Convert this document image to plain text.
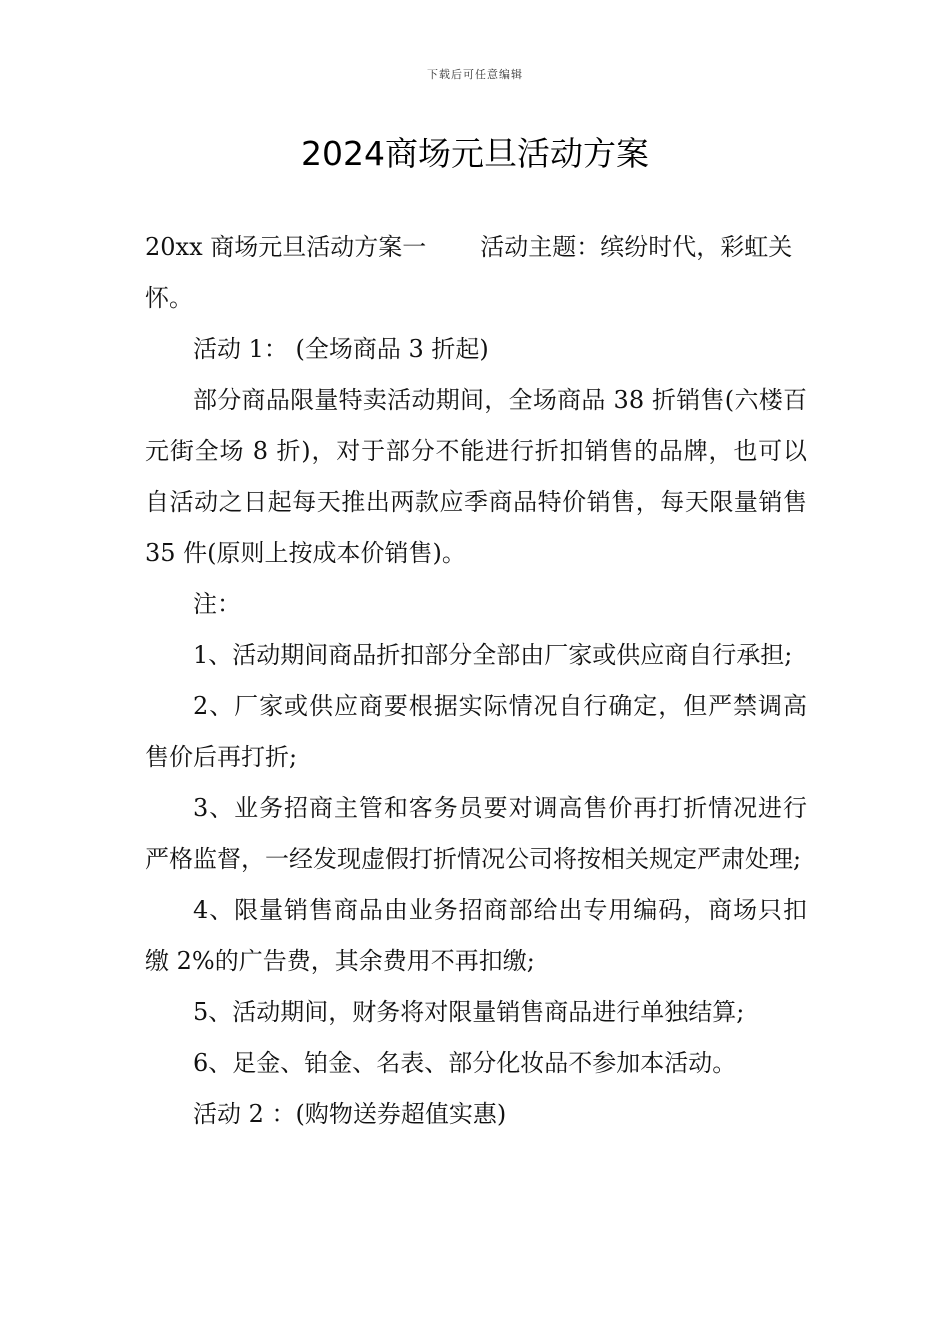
下载后可任意编辑
2024商场元旦活动方案

20xx 商场元旦活动方案一 活动主题：缤纷时代，彩虹关怀。

活动 1： (全场商品 3 折起)

部分商品限量特卖活动期间，全场商品 38 折销售(六楼百元街全场 8 折)，对于部分不能进行折扣销售的品牌，也可以自活动之日起每天推出两款应季商品特价销售，每天限量销售 35 件(原则上按成本价销售)。

注：

1、活动期间商品折扣部分全部由厂家或供应商自行承担;

2、厂家或供应商要根据实际情况自行确定，但严禁调高售价后再打折;

3、业务招商主管和客务员要对调高售价再打折情况进行严格监督，一经发现虚假打折情况公司将按相关规定严肃处理;

4、限量销售商品由业务招商部给出专用编码，商场只扣缴 2%的广告费，其余费用不再扣缴;

5、活动期间，财务将对限量销售商品进行单独结算;

6、足金、铂金、名表、部分化妆品不参加本活动。

活动 2 ：(购物送券超值实惠)
